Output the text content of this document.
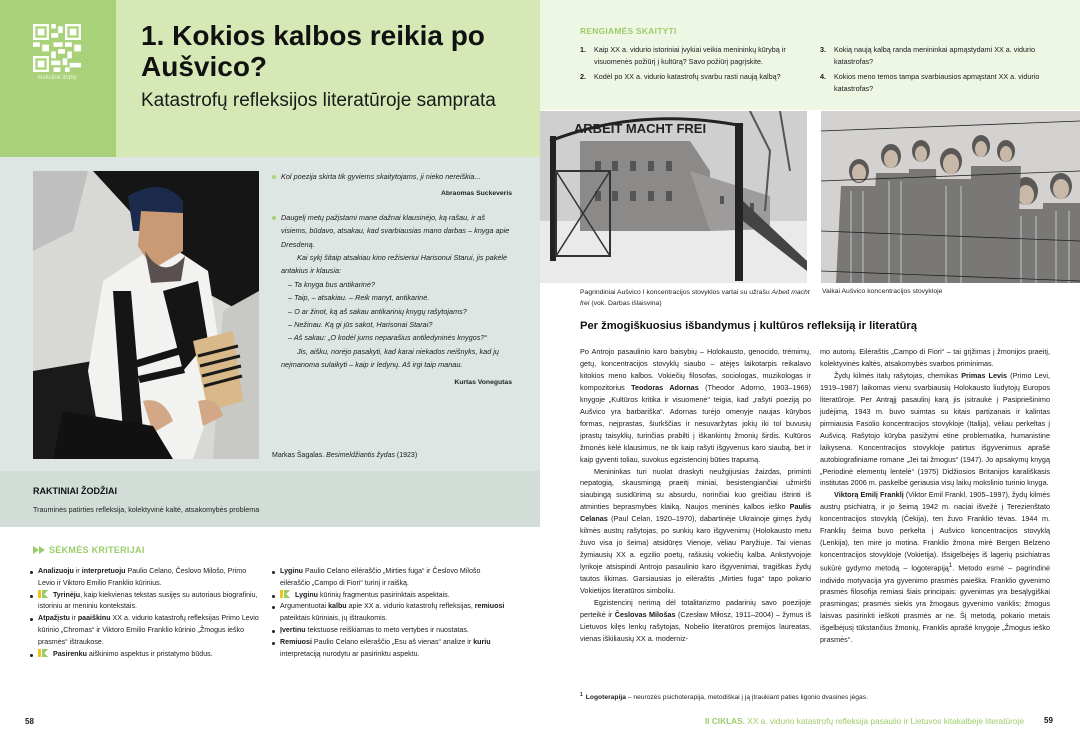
mokslink.lt/qby
1. Kokios kalbos reikia po Aušvico?
Katastrofų refleksijos literatūroje samprata

Kol poezija skirta tik gyviems skaitytojams, ji nieko nereiškia...

Abraomas Suckeveris

Daugelį metų pažįstami mane dažnai klausinėjo, ką rašau, ir aš visiems, būdavo, atsakau, kad svarbiausias mano darbas – knyga apie Dresdeną.

Kai sykį šitaip atsakiau kino režisieriui Harisonui Starui, jis pakėlė antakius ir klausia:

– Ta knyga bus antikarinė?

– Taip, – atsakiau. – Reik manyt, antikarinė.

– O ar žinot, ką aš sakau antikarinių knygų rašytojams?

– Nežinau. Ką gi jūs sakot, Harisonai Starai?

– Aš sakau: „O kodėl jums neparašius antiledyninės knygos?“

Jis, aišku, norėjo pasakyti, kad karai niekados neišnyks, kad jų neįmanoma sulaikyti – kaip ir ledynų. Aš irgi taip manau.

Kurtas Vonegutas
Markas Šagalas. Besimeldžiantis žydas (1923)
RAKTINIAI ŽODŽIAI
Trauminės patirties refleksija, kolektyvinė kaltė, atsakomybės problema
SĖKMĖS KRITERIJAI
Analizuoju ir interpretuoju Paulio Celano, Česlovo Milošo, Primo Levio ir Viktoro Emilio Franklio kūrinius.
Tyrinėju, kaip kiekvienas tekstas susijęs su autoriaus biografiniu, istoriniu ar meniniu kontekstais.
Atpažįstu ir paaiškinu XX a. vidurio katastrofų refleksijas Primo Levio kūrinio „Chromas“ ir Viktoro Emilio Franklio kūrinio „Žmogus ieško prasmės“ ištraukose.
Pasirenku aiškinimo aspektus ir pristatymo būdus.
Lyginu Paulio Celano eilėraščio „Mirties fuga“ ir Česlovo Milošo eilėraščio „Campo di Fiori“ turinį ir raišką.
Lyginu kūrinių fragmentus pasirinktais aspektais.
Argumentuotai kalbu apie XX a. vidurio katastrofų refleksijas, remiuosi pateiktais kūriniais, jų ištraukomis.
Įvertinu tekstuose reiškiamas to meto vertybes ir nuostatas.
Remiuosi Paulio Celano eilėraščio „Esu aš vienas“ analize ir kuriu interpretaciją nurodytu ar pasirinktu aspektu.
58
RENGIAMĖS SKAITYTI
1. Kaip XX a. vidurio istoriniai įvykiai veikia menininkų kūrybą ir visuomenės požiūrį į kultūrą? Savo požiūrį pagrįskite.
2. Kodėl po XX a. vidurio katastrofų svarbu rasti naują kalbą?
3. Kokią naują kalbą randa menininkai apmąstydami XX a. vidurio katastrofas?
4. Kokios meno temos tampa svarbiausios apmąstant XX a. vidurio katastrofas?
ARBEIT MACHT FREI
Pagrindiniai Aušvico I koncentracijos stovyklos vartai su užrašu Arbeit macht frei (vok. Darbas išlaisvina)
Vaikai Aušvico koncentracijos stovykloje
Per žmogiškuosius išbandymus į kultūros refleksiją ir literatūrą

Po Antrojo pasaulinio karo baisybių – Holokausto, genocido, trėmimų, getų, koncentracijos stovyklų siaubo – atėjęs laikotarpis reikalavo kitokios meno kalbos. Vokiečių filosofas, sociologas, muzikologas ir kompozitorius Teodoras Adornas (Theodor Adorno, 1903–1969) knygoje „Kultūros kritika ir visuomenė“ teigia, kad „rašyti poeziją po Aušvico yra barbariška“. Adornas turėjo omenyje naujas kūrybos formas, neįprastas, šiurkščias ir nesuvaržytas jokių iki tol buvusių įprastų taisyklių, turinčias prabilti į iškankintų žmonių širdis. Kultūros žmonės kėlė klausimus, ne tik kaip rašyti išgyvenus karo siaubą, bet ir kaip gyventi toliau, suvokus egzistencinį būties trapumą.

Menininkas turi nuolat draskyti neužgijusias žaizdas, priminti nepatogią, skausmingą praeitį miniai, besistengiančiai užmiršti siaubingą susidūrimą su absurdu, norinčiai kuo greičiau ištrinti iš atminties beprasmybės klaiką. Naujos meninės kalbos ieško Paulis Celanas (Paul Celan, 1920–1970), dabartinėje Ukrainoje gimęs žydų kilmės austrų rašytojas, po sunkių karo išgyvenimų (Holokausto metu žuvo visa jo šeima) atsidūręs Vienoje, vėliau Paryžiuje. Tai vienas žymiausių XX a. egzilio poetų, rašiusių vokiečių kalba. Ankstyvojoje lyrikoje atsispindi Antrojo pasaulinio karo išgyvenimai, tragiškas žydų tautos likimas. Garsiausias jo eilėraštis „Mirties fuga“ tapo pokario Vokietijos literatūros simboliu.

Egzistencinį nerimą dėl totalitarizmo padarinių savo poezijoje perteikė ir Česlovas Milošas (Czesław Miłosz, 1911–2004) – žymus iš Lietuvos kilęs lenkų rašytojas, Nobelio literatūros premijos laureatas, vienas iškiliausių XX a. moderniz-

mo autorių. Eilėraštis „Campo di Fiori“ – tai grįžimas į žmonijos praeitį, kolektyvinės kaltės, atsakomybės svarbos priminimas.

Žydų kilmės italų rašytojas, chemikas Primas Levis (Primo Levi, 1919–1987) laikomas vienu svarbiausių Holokausto liudytojų Europos literatūroje. Per Antrąjį pasaulinį karą jis įsitraukė į Pasipriešinimo judėjimą, 1943 m. buvo suimtas su kitais partizanais ir kalintas pirmiausia Fasolio koncentracijos stovykloje (Italija), vėliau perkeltas į Aušvicą. Rašytojo kūryba pasižymi etine problematika, humanistine laikysena. Koncentracijos stovykloje patirtus išgyvenimus aprašė autobiografiniame romane „Jei tai žmogus“ (1947). Jo apsakymų knygą „Periodinė elementų lentelė“ (1975) Didžiosios Britanijos karališkasis institutas 2006 m. paskelbė geriausia visų laikų mokslinio turinio knyga.

Viktorą Emilį Franklį (Viktor Emil Frankl, 1905–1997), žydų kilmės austrų psichiatrą, ir jo šeimą 1942 m. naciai išvežė į Terezienštato koncentracijos stovyklą (Čekija), ten žuvo Franklio tėvas. 1944 m. Franklių šeima buvo perkelta į Aušvico koncentracijos stovyklą (Lenkija), ten mirė jo motina. Franklio žmona mirė Bergen Belzeno koncentracijos stovykloje (Vokietija). Išsigelbėjęs iš lagerių psichiatras sukūrė gydymo metodą – logoterapiją$^1$. Metodo esmė – pagrindinė individo motyvacija yra gyvenimo prasmės paieška. Franklio gyvenimo prasmės filosofija remiasi šiais principais: gyvenimas yra besąlygiškai prasmingas; prasmės siekis yra žmogaus gyvenimo variklis; žmogus laisvas pasirinkti ieškoti prasmės ar ne. Šį metodą, pokario metais išgelbėjusį tūkstančius žmonių, Franklis aprašė knygoje „Žmogus ieško prasmės“.

$^1$ Logoterapija – neurozės psichoterapija, metodiškai į ją įtraukiant paties ligonio dvasines jėgas.
II CIKLAS. XX a. vidurio katastrofų refleksija pasaulio ir Lietuvos kitakalbėje literatūroje	59
